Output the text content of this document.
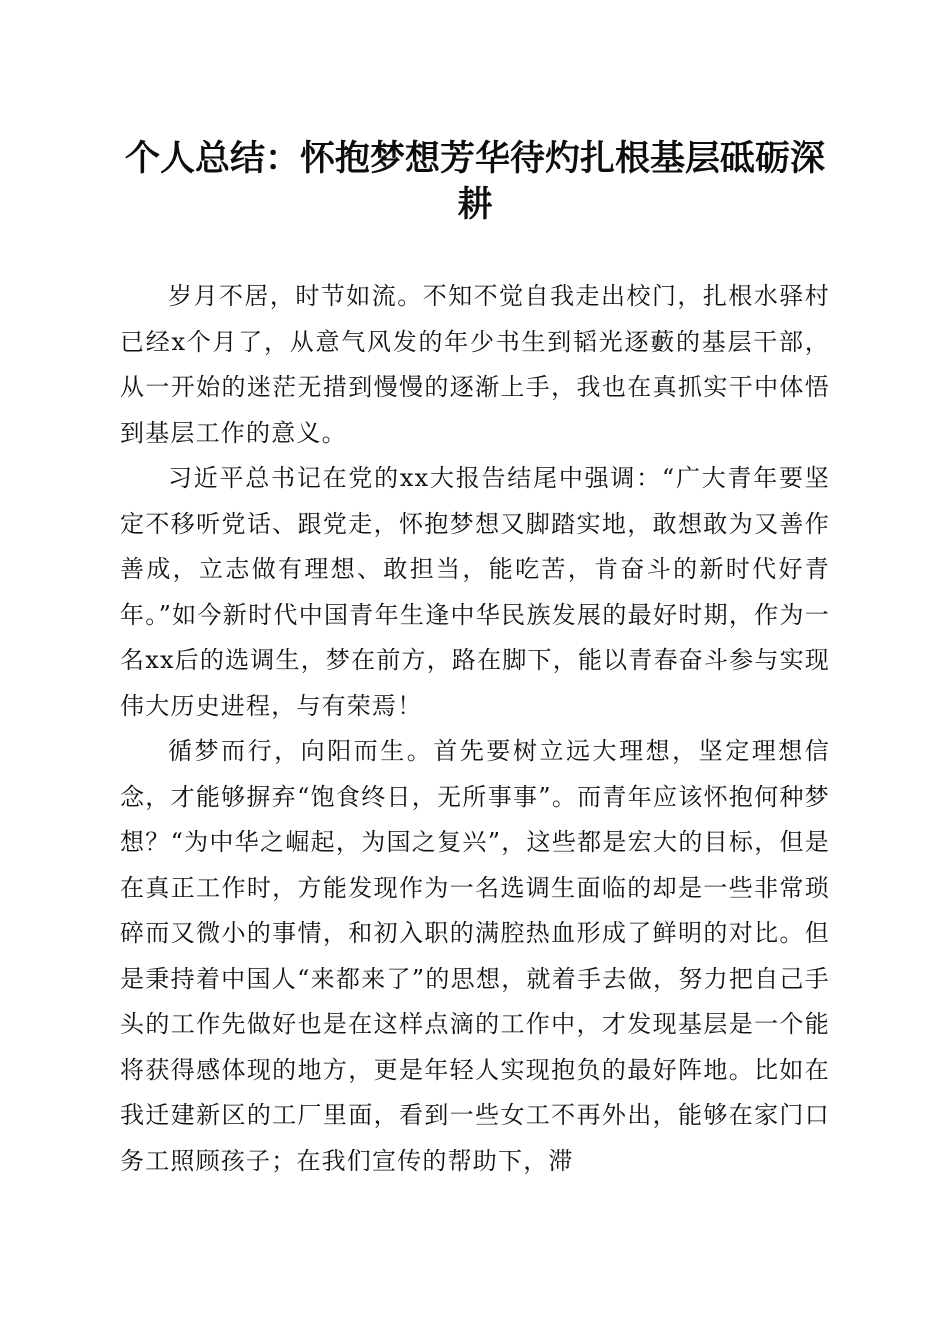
个人总结：怀抱梦想芳华待灼扎根基层砥砺深耕

岁月不居，时节如流。不知不觉自我走出校门，扎根水驿村已经x个月了，从意气风发的年少书生到韬光逐藪的基层干部，从一开始的迷茫无措到慢慢的逐渐上手，我也在真抓实干中体悟到基层工作的意义。

习近平总书记在党的xx大报告结尾中强调：“广大青年要坚定不移听党话、跟党走，怀抱梦想又脚踏实地，敢想敢为又善作善成，立志做有理想、敢担当，能吃苦，肯奋斗的新时代好青年。”如今新时代中国青年生逢中华民族发展的最好时期，作为一名xx后的选调生，梦在前方，路在脚下，能以青春奋斗参与实现伟大历史进程，与有荣焉！

循梦而行，向阳而生。首先要树立远大理想，坚定理想信念，才能够摒弃“饱食终日，无所事事”。而青年应该怀抱何种梦想？“为中华之崛起，为国之复兴”，这些都是宏大的目标，但是在真正工作时，方能发现作为一名选调生面临的却是一些非常琐碎而又微小的事情，和初入职的满腔热血形成了鲜明的对比。但是秉持着中国人“来都来了”的思想，就着手去做，努力把自己手头的工作先做好也是在这样点滴的工作中，才发现基层是一个能将获得感体现的地方，更是年轻人实现抱负的最好阵地。比如在我迁建新区的工厂里面，看到一些女工不再外出，能够在家门口务工照顾孩子；在我们宣传的帮助下，滞
